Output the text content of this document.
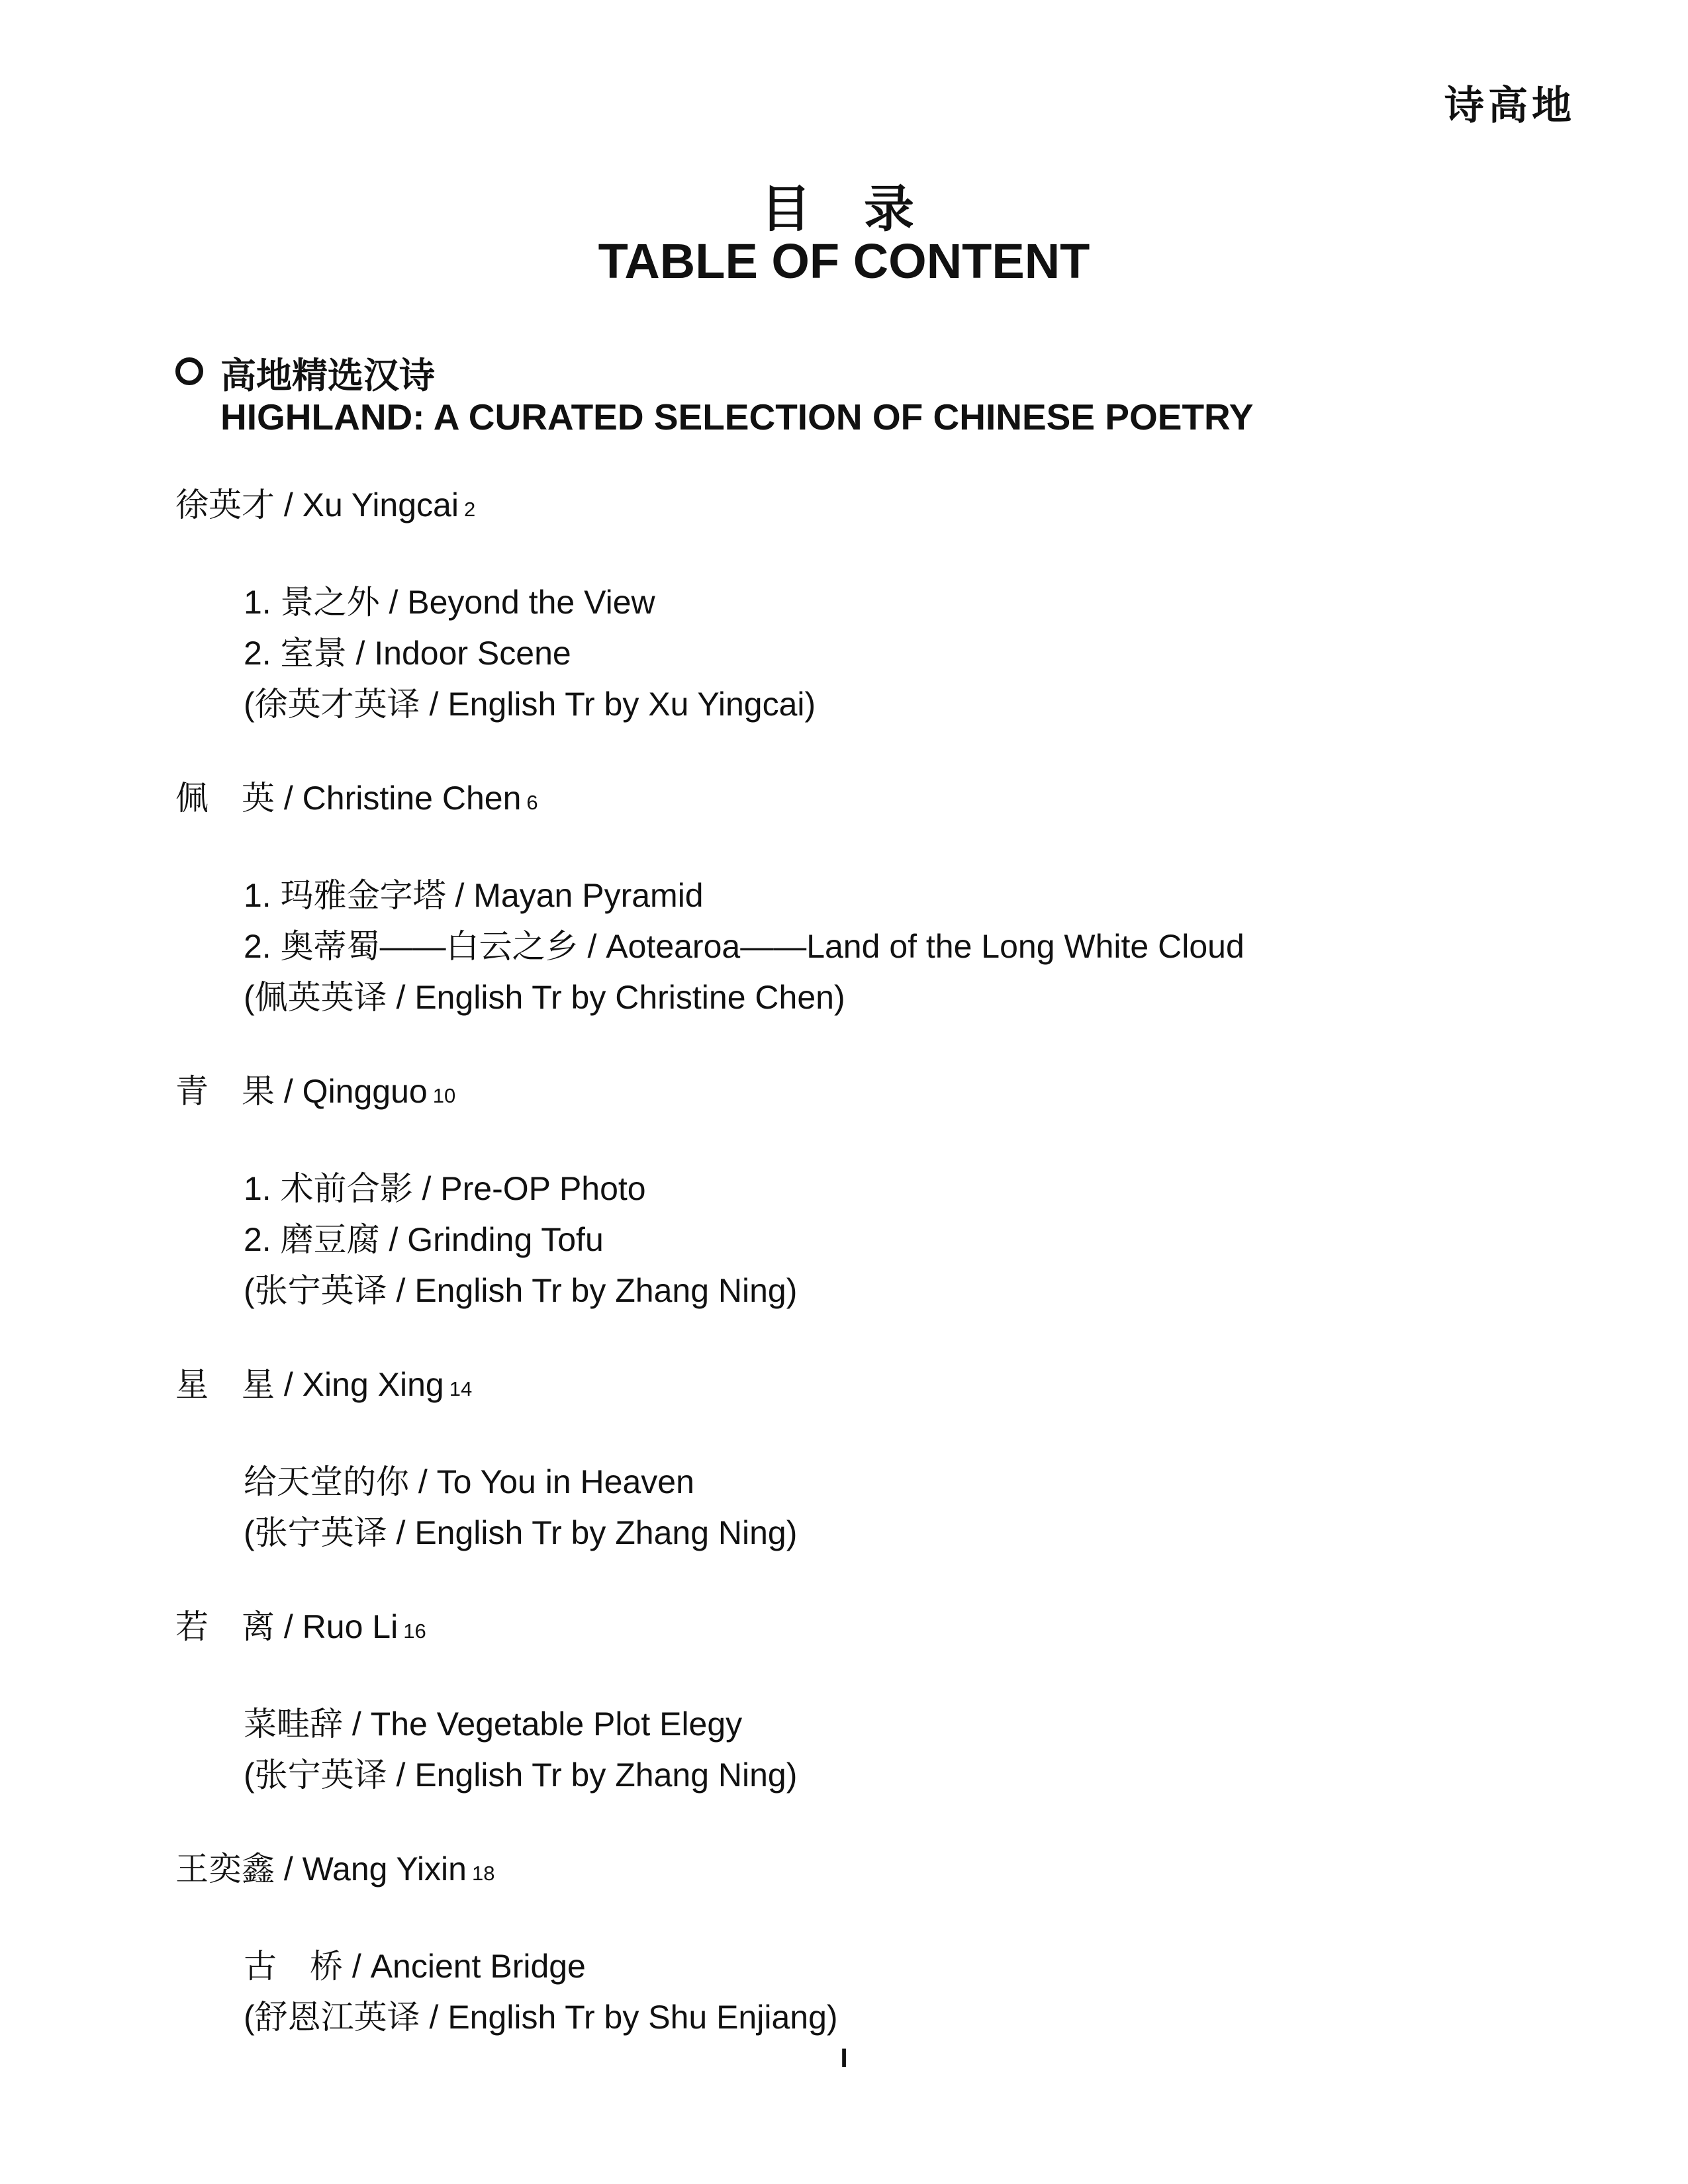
诗高地
目录
TABLE OF CONTENT
高地精选汉诗
HIGHLAND: A CURATED SELECTION OF CHINESE POETRY
徐英才 / Xu Yingcai 2
1. 景之外 / Beyond the View
2. 室景 / Indoor Scene
(徐英才英译 / English Tr by Xu Yingcai)
佩　英 / Christine Chen 6
1. 玛雅金字塔 / Mayan Pyramid
2. 奥蒂蜀——白云之乡 / Aotearoa——Land of the Long White Cloud
(佩英英译 / English Tr by Christine Chen)
青　果 / Qingguo 10
1. 术前合影 / Pre-OP Photo
2. 磨豆腐 / Grinding Tofu
(张宁英译 / English Tr by Zhang Ning)
星　星 / Xing Xing 14
给天堂的你 / To You in Heaven
(张宁英译 / English Tr by Zhang Ning)
若　离 / Ruo Li 16
菜畦辞 / The Vegetable Plot Elegy
(张宁英译 / English Tr by Zhang Ning)
王奕鑫 / Wang Yixin 18
古　桥 / Ancient Bridge
(舒恩江英译 / English Tr by Shu Enjiang)
I
